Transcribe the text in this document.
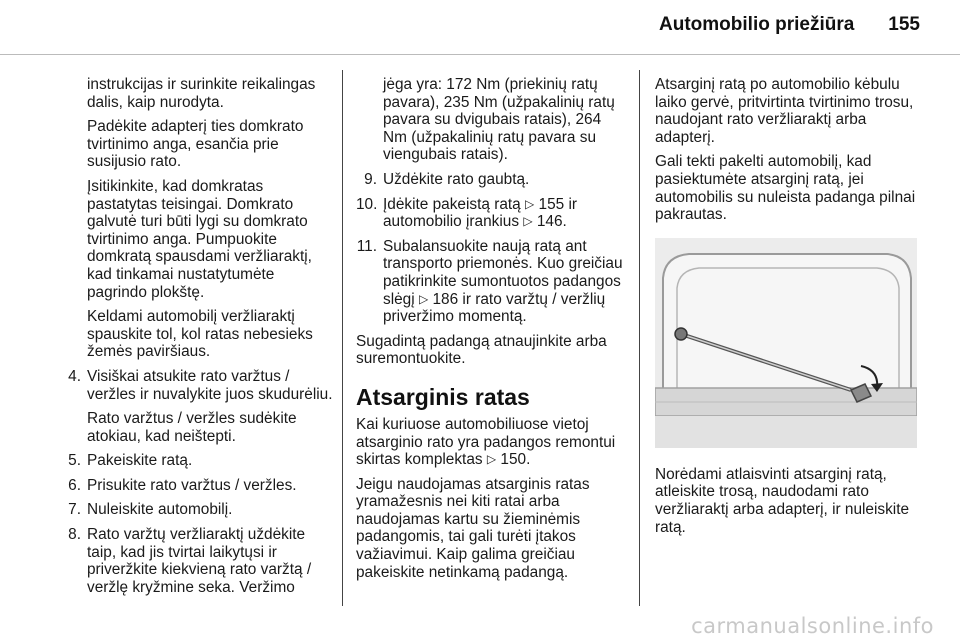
Automobilio priežiūra 155

instrukcijas ir surinkite reikalingas dalis, kaip nurodyta.

Padėkite adapterį ties domkrato tvirtinimo anga, esančia prie susijusio rato.

Įsitikinkite, kad domkratas pastatytas teisingai. Domkrato galvutė turi būti lygi su domkrato tvirtinimo anga. Pumpuokite domkratą spausdami veržliaraktį, kad tinkamai nustatytumėte pagrindo plokštę.

Keldami automobilį veržliaraktį spauskite tol, kol ratas nebesieks žemės paviršiaus.

4. Visiškai atsukite rato varžtus / veržles ir nuvalykite juos skudurėliu.

Rato varžtus / veržles sudėkite atokiau, kad neištepti.

5. Pakeiskite ratą.
6. Prisukite rato varžtus / veržles.
7. Nuleiskite automobilį.
8. Rato varžtų veržliaraktį uždėkite taip, kad jis tvirtai laikytųsi ir priveržkite kiekvieną rato varžtą / veržlę kryžmine seka. Veržimo

jėga yra: 172 Nm (priekinių ratų pavara), 235 Nm (užpakalinių ratų pavara su dvigubais ratais), 264 Nm (užpakalinių ratų pavara su viengubais ratais).

9. Uždėkite rato gaubtą.
10. Įdėkite pakeistą ratą ▷ 155 ir automobilio įrankius ▷ 146.
11. Subalansuokite naują ratą ant transporto priemonės. Kuo greičiau patikrinkite sumontuotos padangos slėgį ▷ 186 ir rato varžtų / veržlių priveržimo momentą.

Sugadintą padangą atnaujinkite arba suremontuokite.

Atsarginis ratas

Kai kuriuose automobiliuose vietoj atsarginio rato yra padangos remontui skirtas komplektas ▷ 150.

Jeigu naudojamas atsarginis ratas yramažesnis nei kiti ratai arba naudojamas kartu su žieminėmis padangomis, tai gali turėti įtakos važiavimui. Kaip galima greičiau pakeiskite netinkamą padangą.

Atsarginį ratą po automobilio kėbulu laiko gervė, pritvirtinta tvirtinimo trosu, naudojant rato veržliaraktį arba adapterį.

Gali tekti pakelti automobilį, kad pasiektumėte atsarginį ratą, jei automobilis su nuleista padanga pilnai pakrautas.

Norėdami atlaisvinti atsarginį ratą, atleiskite trosą, naudodami rato veržliaraktį arba adapterį, ir nuleiskite ratą.

carmanualsonline.info
